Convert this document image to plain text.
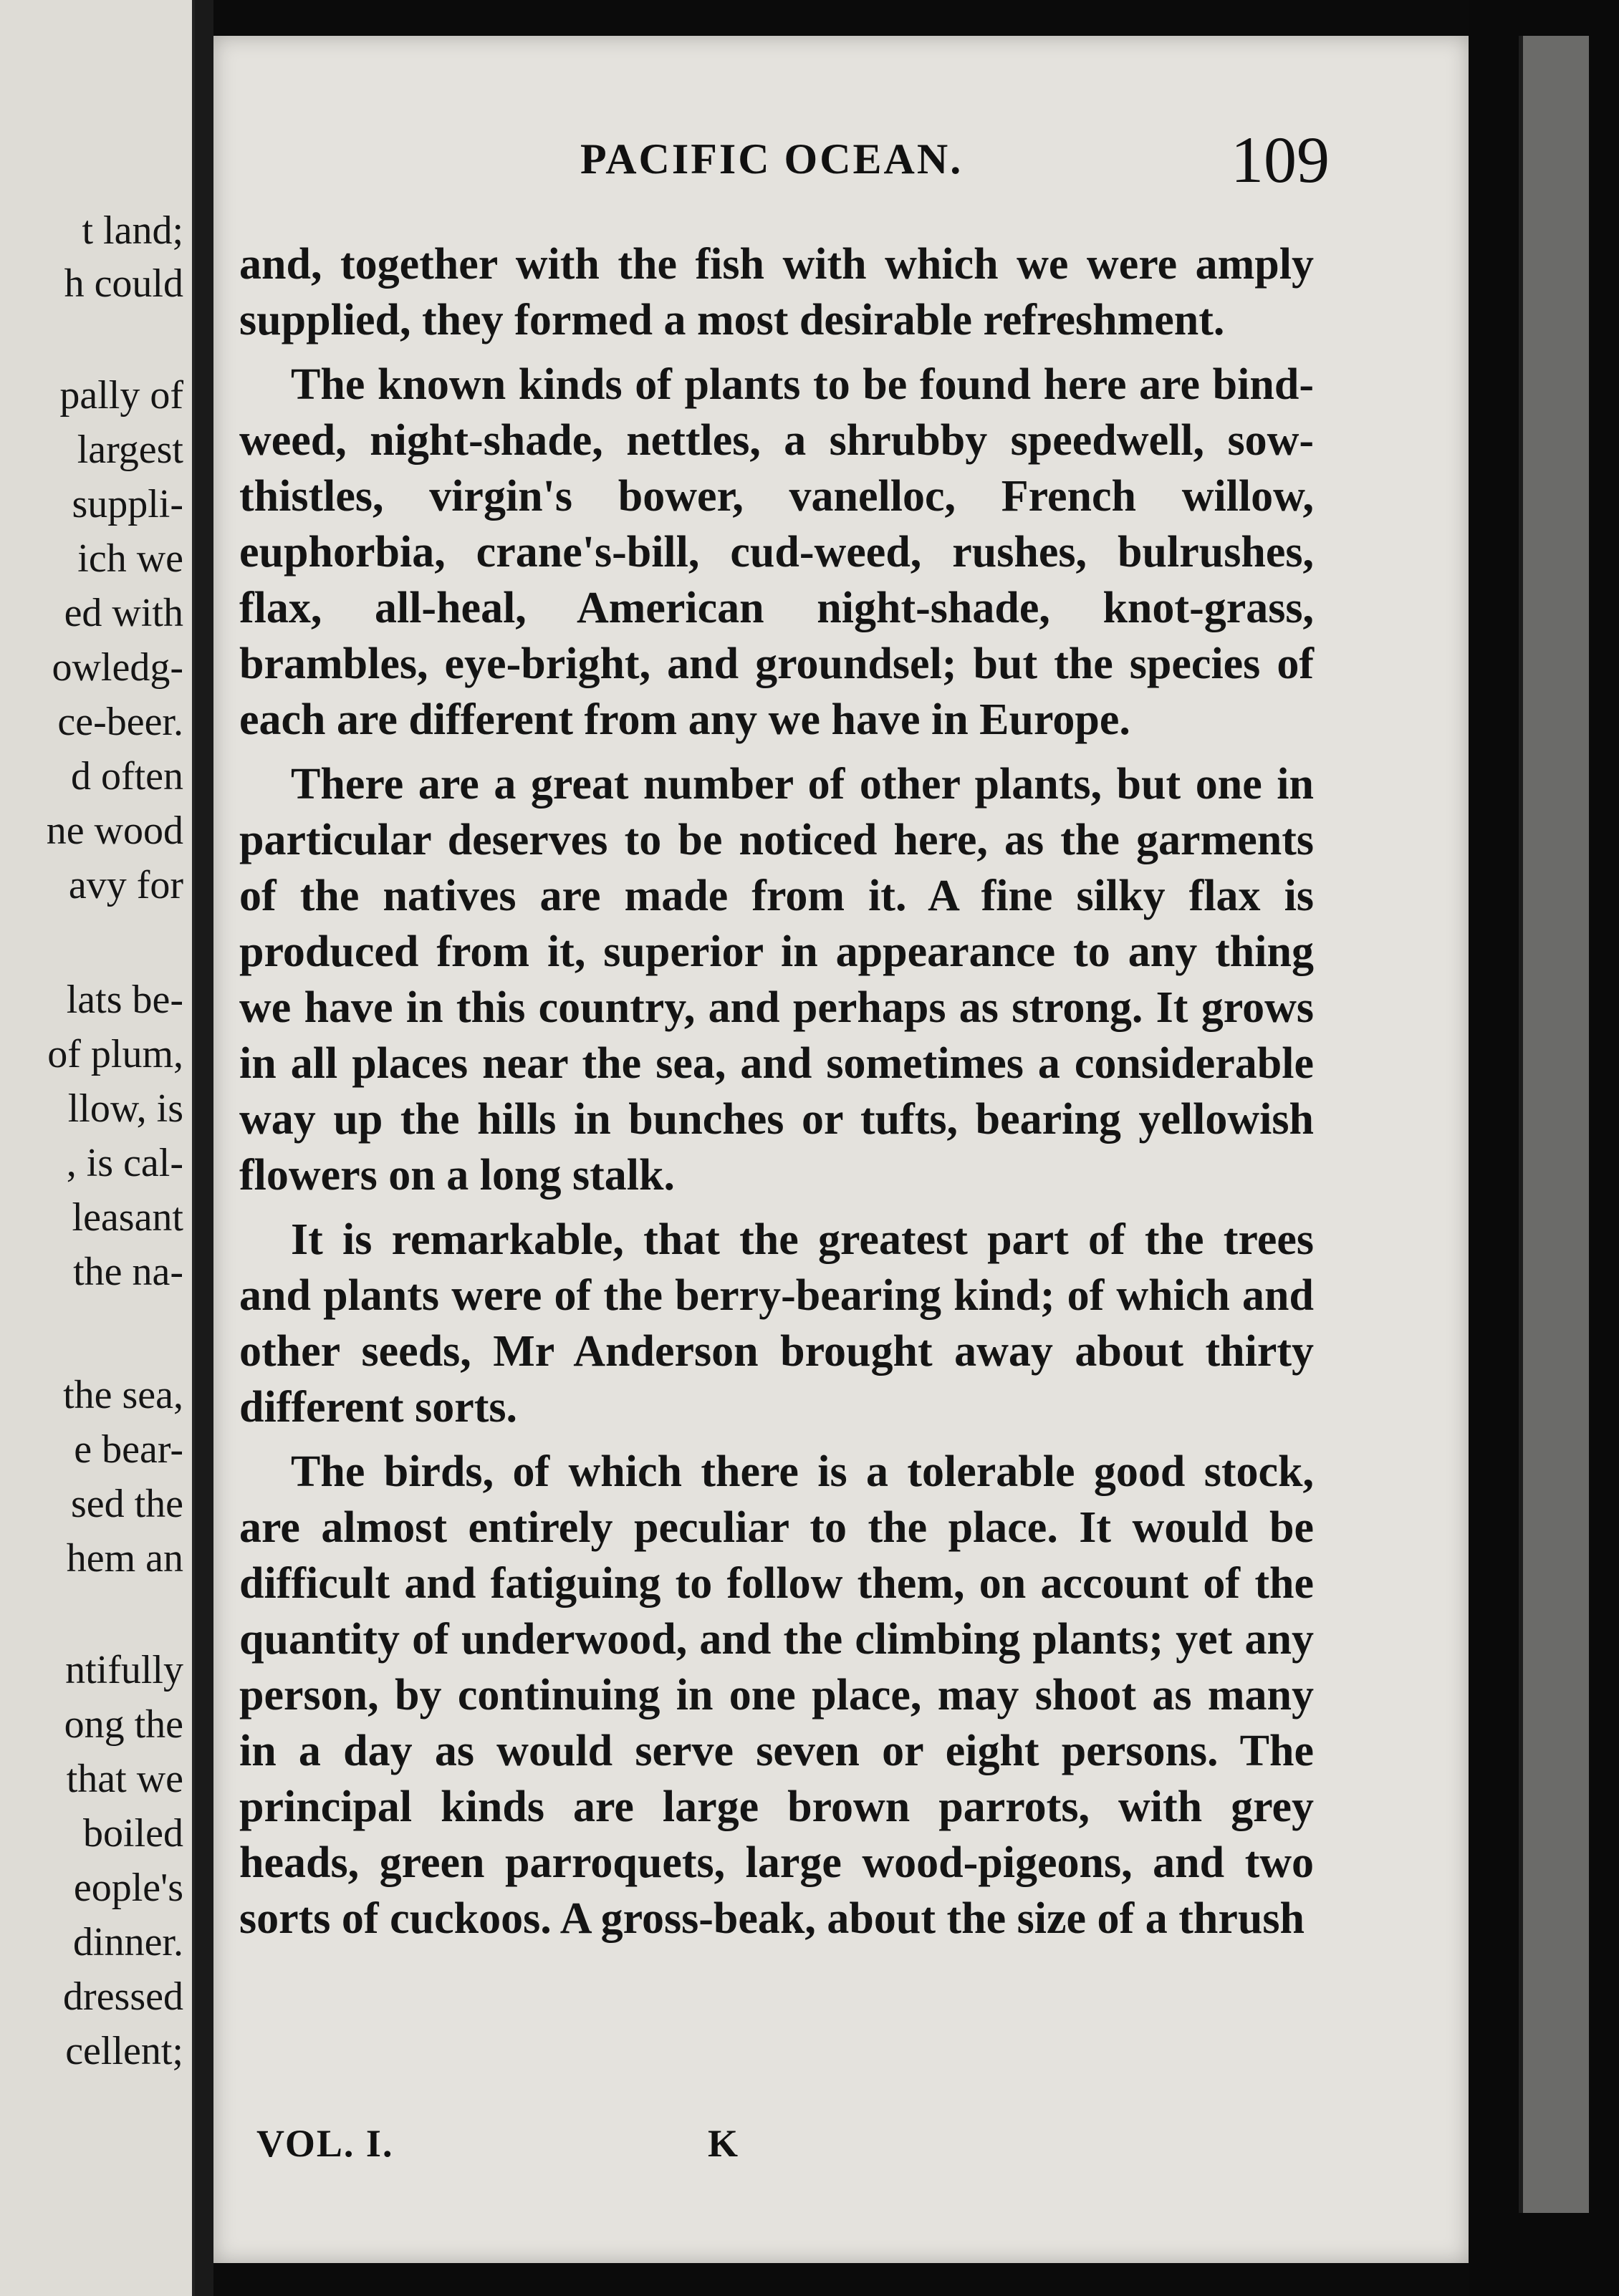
t land;
h could
pally of
largest
suppli-
ich we
ed with
owledg-
ce-beer.
d often
ne wood
avy for
lats be-
of plum,
llow, is
, is cal-
leasant
the na-
the sea,
e bear-
sed the
hem an
ntifully
ong the
that we
boiled
eople's
dinner.
dressed
cellent;
PACIFIC OCEAN.	109

and, together with the fish with which we were amply supplied, they formed a most desirable refreshment.

The known kinds of plants to be found here are bind-weed, night-shade, nettles, a shrubby speedwell, sow-thistles, virgin's bower, vanelloc, French willow, euphorbia, crane's-bill, cud-weed, rushes, bulrushes, flax, all-heal, American night-shade, knot-grass, brambles, eye-bright, and groundsel; but the species of each are different from any we have in Europe.

There are a great number of other plants, but one in particular deserves to be noticed here, as the garments of the natives are made from it. A fine silky flax is produced from it, superior in appearance to any thing we have in this country, and perhaps as strong. It grows in all places near the sea, and sometimes a considerable way up the hills in bunches or tufts, bearing yellowish flowers on a long stalk.

It is remarkable, that the greatest part of the trees and plants were of the berry-bearing kind; of which and other seeds, Mr Anderson brought away about thirty different sorts.

The birds, of which there is a tolerable good stock, are almost entirely peculiar to the place. It would be difficult and fatiguing to follow them, on account of the quantity of underwood, and the climbing plants; yet any person, by continuing in one place, may shoot as many in a day as would serve seven or eight persons. The principal kinds are large brown parrots, with grey heads, green parroquets, large wood-pigeons, and two sorts of cuckoos. A gross-beak, about the size of a thrush

VOL. I.	K
